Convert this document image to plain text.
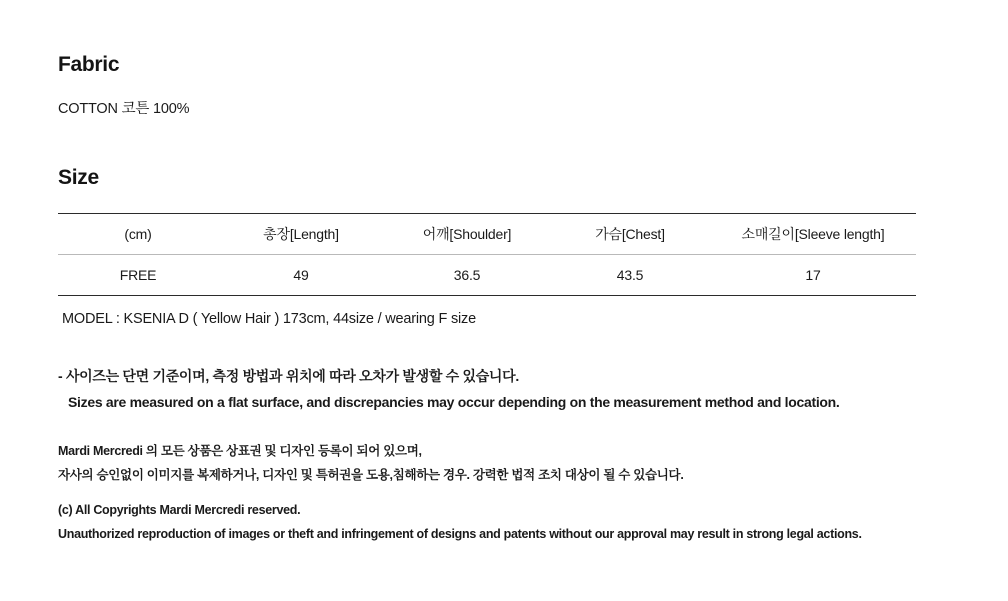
Fabric
COTTON 코튼 100%
Size
(cm)	총장[Length]	어깨[Shoulder]	가슴[Chest]	소매길이[Sleeve length]
FREE	49	36.5	43.5	17
MODEL : KSENIA D ( Yellow Hair ) 173cm, 44size / wearing F size
- 사이즈는 단면 기준이며, 측정 방법과 위치에 따라 오차가 발생할 수 있습니다.
Sizes are measured on a flat surface, and discrepancies may occur depending on the measurement method and location.
Mardi Mercredi 의 모든 상품은 상표권 및 디자인 등록이 되어 있으며,
자사의 승인없이 이미지를 복제하거나, 디자인 및 특허권을 도용,침해하는 경우. 강력한 법적 조치 대상이 될 수 있습니다.
(c) All Copyrights Mardi Mercredi reserved.
Unauthorized reproduction of images or theft and infringement of designs and patents without our approval may result in strong legal actions.
